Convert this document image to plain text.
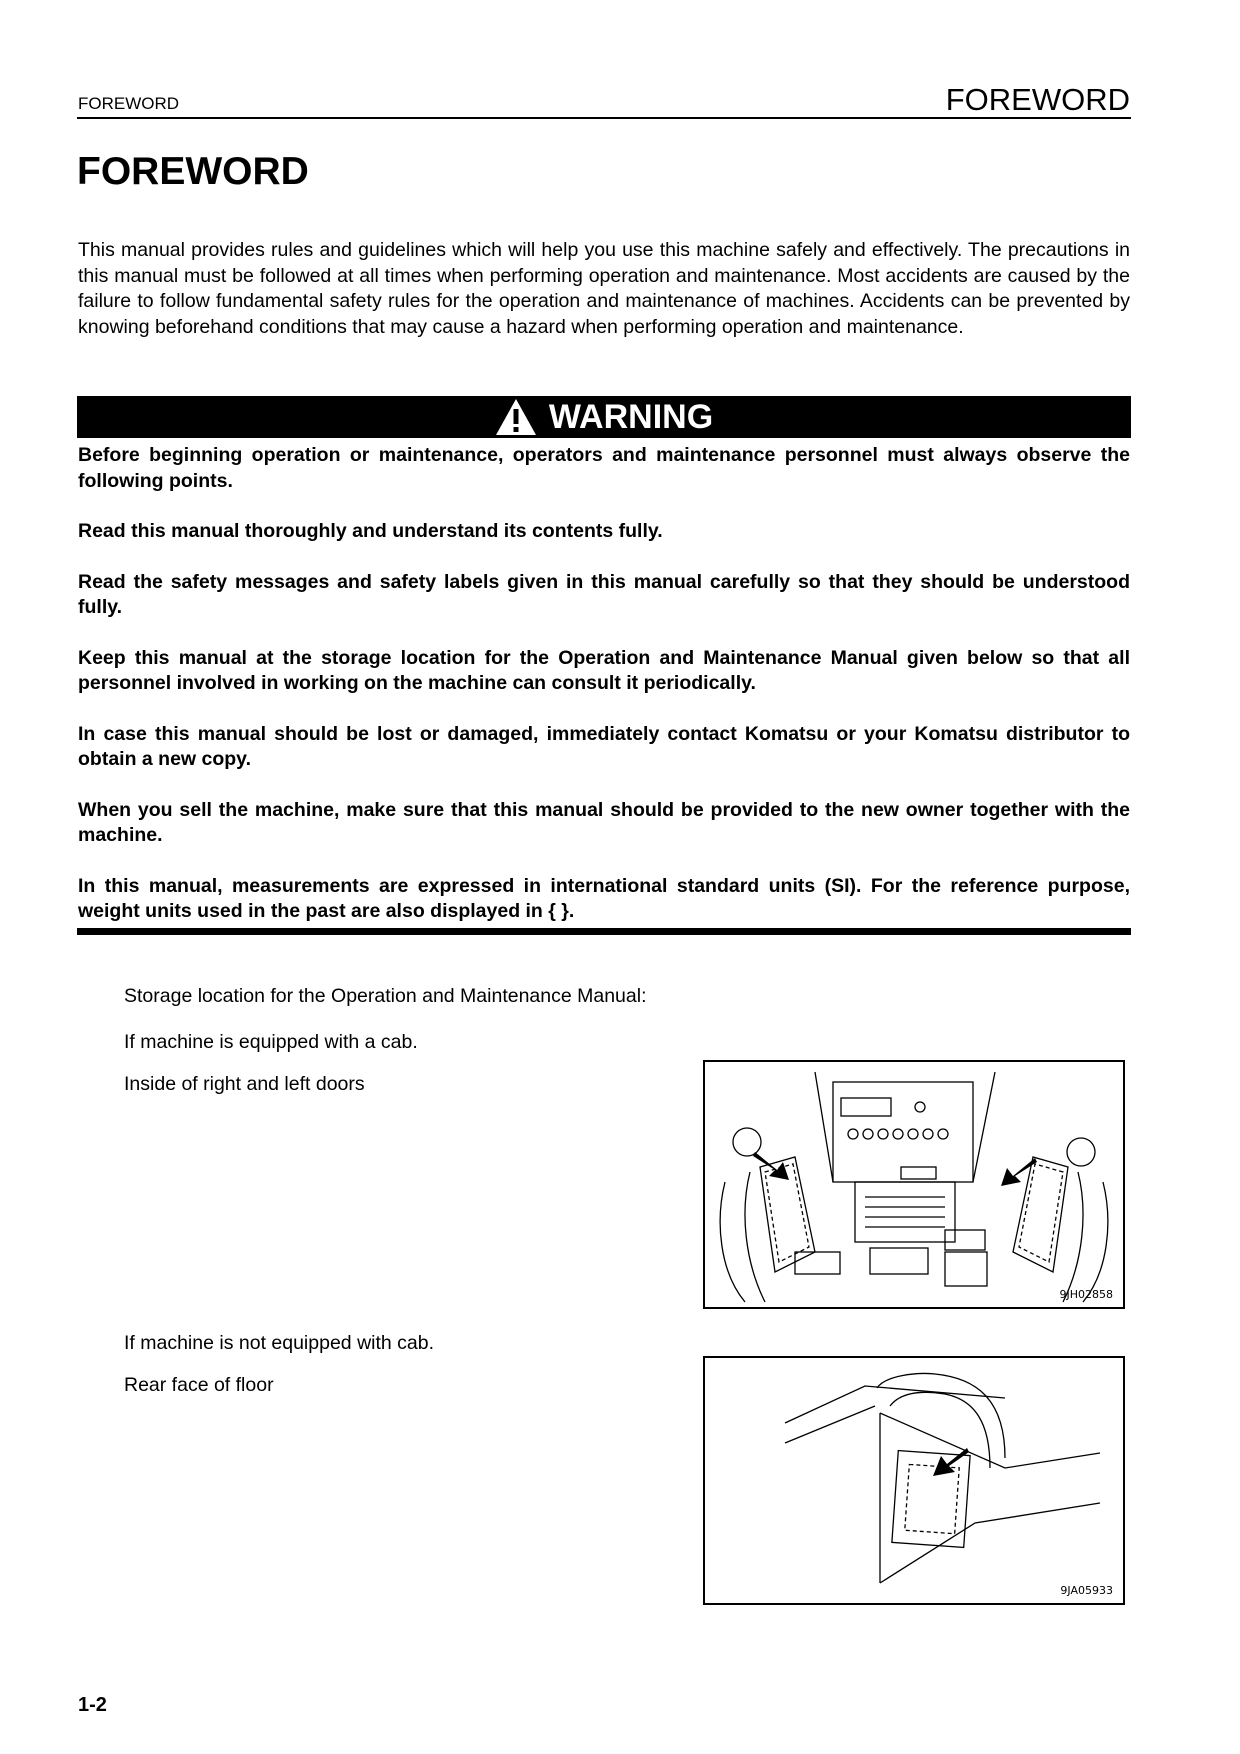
FOREWORD	FOREWORD
FOREWORD

This manual provides rules and guidelines which will help you use this machine safely and effectively. The precautions in this manual must be followed at all times when performing operation and maintenance. Most accidents are caused by the failure to follow fundamental safety rules for the operation and maintenance of machines. Accidents can be prevented by knowing beforehand conditions that may cause a hazard when performing operation and maintenance.

WARNING

Before beginning operation or maintenance, operators and maintenance personnel must always observe the following points.

Read this manual thoroughly and understand its contents fully.

Read the safety messages and safety labels given in this manual carefully so that they should be understood fully.

Keep this manual at the storage location for the Operation and Maintenance Manual given below so that all personnel involved in working on the machine can consult it periodically.

In case this manual should be lost or damaged, immediately contact Komatsu or your Komatsu distributor to obtain a new copy.

When you sell the machine, make sure that this manual should be provided to the new owner together with the machine.

In this manual, measurements are expressed in international standard units (SI). For the reference purpose, weight units used in the past are also displayed in { }.

Storage location for the Operation and Maintenance Manual:
If machine is equipped with a cab.
Inside of right and left doors
9JH02858
If machine is not equipped with cab.
Rear face of floor
9JA05933
1-2
